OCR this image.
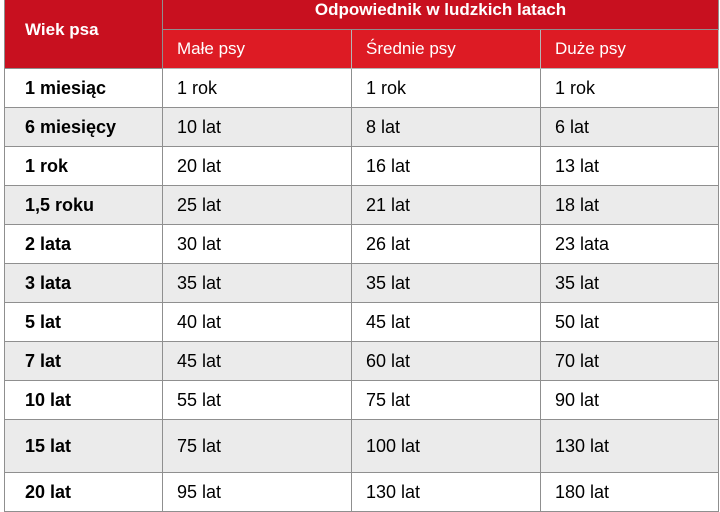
Wiek psa	Odpowiednik w ludzkich latach		
	Małe psy	Średnie psy	Duże psy
1 miesiąc	1 rok	1 rok	1 rok
6 miesięcy	10 lat	8 lat	6 lat
1 rok	20 lat	16 lat	13 lat
1,5 roku	25 lat	21 lat	18 lat
2 lata	30 lat	26 lat	23 lata
3 lata	35 lat	35 lat	35 lat
5 lat	40 lat	45 lat	50 lat
7 lat	45 lat	60 lat	70 lat
10 lat	55 lat	75 lat	90 lat
15 lat	75 lat	100 lat	130 lat
20 lat	95 lat	130 lat	180 lat
